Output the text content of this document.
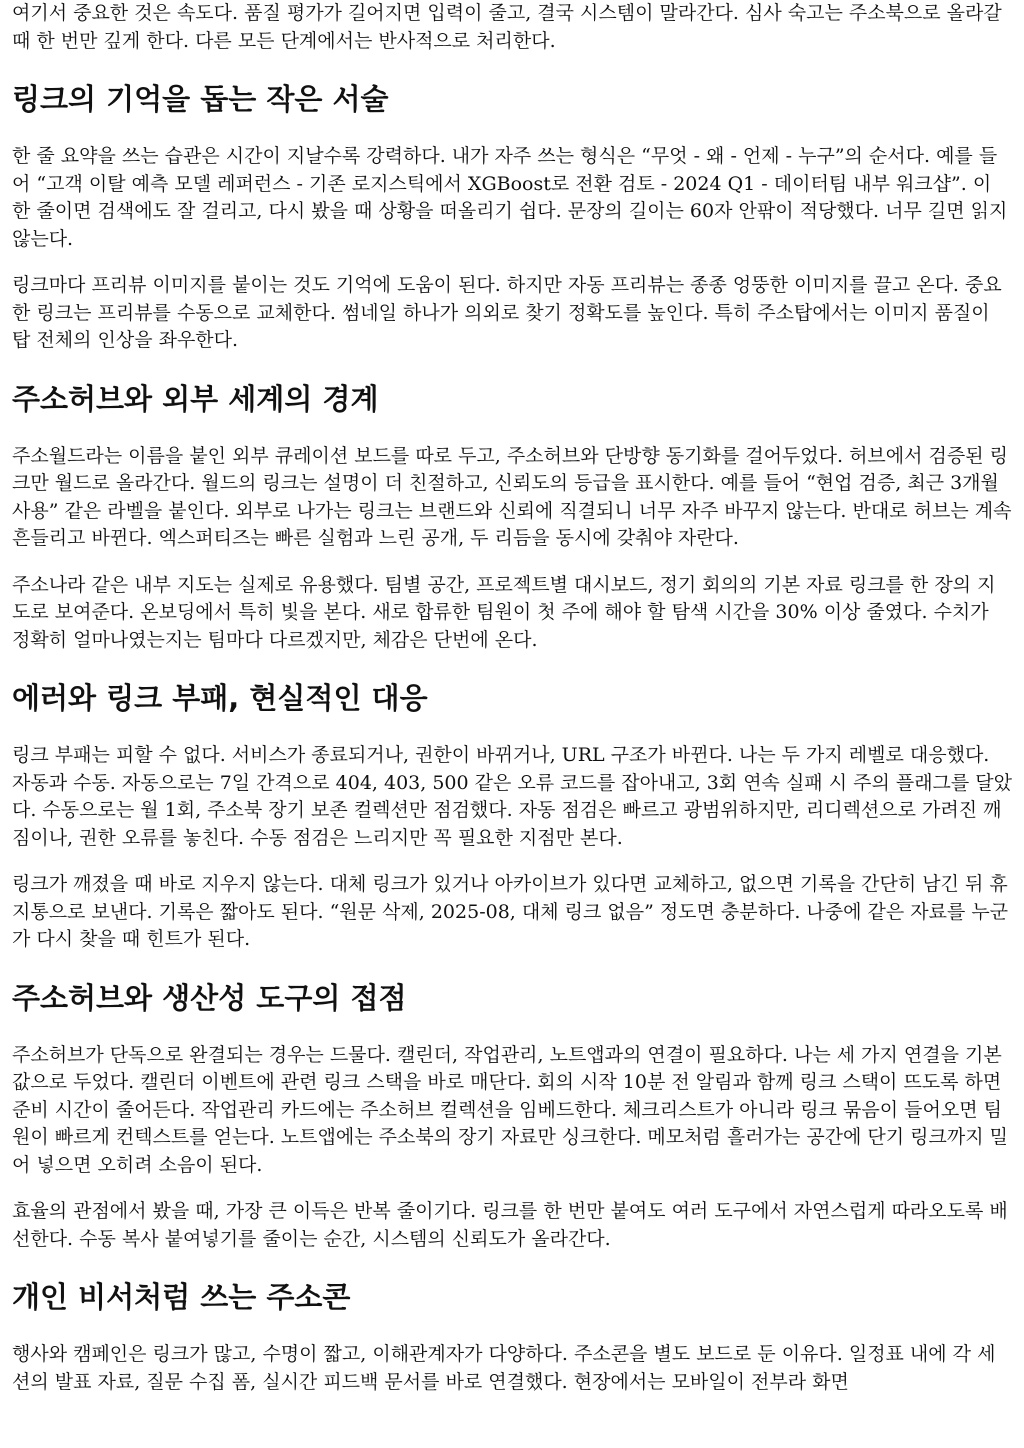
여기서 중요한 것은 속도다. 품질 평가가 길어지면 입력이 줄고, 결국 시스템이 말라간다. 심사 숙고는 주소북으로 올라갈 때 한 번만 깊게 한다. 다른 모든 단계에서는 반사적으로 처리한다.

링크의 기억을 돕는 작은 서술

한 줄 요약을 쓰는 습관은 시간이 지날수록 강력하다. 내가 자주 쓰는 형식은 “무엇 - 왜 - 언제 - 누구”의 순서다. 예를 들어 “고객 이탈 예측 모델 레퍼런스 - 기존 로지스틱에서 XGBoost로 전환 검토 - 2024 Q1 - 데이터팀 내부 워크샵”. 이 한 줄이면 검색에도 잘 걸리고, 다시 봤을 때 상황을 떠올리기 쉽다. 문장의 길이는 60자 안팎이 적당했다. 너무 길면 읽지 않는다.

링크마다 프리뷰 이미지를 붙이는 것도 기억에 도움이 된다. 하지만 자동 프리뷰는 종종 엉뚱한 이미지를 끌고 온다. 중요한 링크는 프리뷰를 수동으로 교체한다. 썸네일 하나가 의외로 찾기 정확도를 높인다. 특히 주소탑에서는 이미지 품질이 탑 전체의 인상을 좌우한다.

주소허브와 외부 세계의 경계

주소월드라는 이름을 붙인 외부 큐레이션 보드를 따로 두고, 주소허브와 단방향 동기화를 걸어두었다. 허브에서 검증된 링크만 월드로 올라간다. 월드의 링크는 설명이 더 친절하고, 신뢰도의 등급을 표시한다. 예를 들어 “현업 검증, 최근 3개월 사용” 같은 라벨을 붙인다. 외부로 나가는 링크는 브랜드와 신뢰에 직결되니 너무 자주 바꾸지 않는다. 반대로 허브는 계속 흔들리고 바뀐다. 엑스퍼티즈는 빠른 실험과 느린 공개, 두 리듬을 동시에 갖춰야 자란다.

주소나라 같은 내부 지도는 실제로 유용했다. 팀별 공간, 프로젝트별 대시보드, 정기 회의의 기본 자료 링크를 한 장의 지도로 보여준다. 온보딩에서 특히 빛을 본다. 새로 합류한 팀원이 첫 주에 해야 할 탐색 시간을 30% 이상 줄였다. 수치가 정확히 얼마나였는지는 팀마다 다르겠지만, 체감은 단번에 온다.

에러와 링크 부패, 현실적인 대응

링크 부패는 피할 수 없다. 서비스가 종료되거나, 권한이 바뀌거나, URL 구조가 바뀐다. 나는 두 가지 레벨로 대응했다. 자동과 수동. 자동으로는 7일 간격으로 404, 403, 500 같은 오류 코드를 잡아내고, 3회 연속 실패 시 주의 플래그를 달았다. 수동으로는 월 1회, 주소북 장기 보존 컬렉션만 점검했다. 자동 점검은 빠르고 광범위하지만, 리디렉션으로 가려진 깨짐이나, 권한 오류를 놓친다. 수동 점검은 느리지만 꼭 필요한 지점만 본다.

링크가 깨졌을 때 바로 지우지 않는다. 대체 링크가 있거나 아카이브가 있다면 교체하고, 없으면 기록을 간단히 남긴 뒤 휴지통으로 보낸다. 기록은 짧아도 된다. “원문 삭제, 2025-08, 대체 링크 없음” 정도면 충분하다. 나중에 같은 자료를 누군가 다시 찾을 때 힌트가 된다.

주소허브와 생산성 도구의 접점

주소허브가 단독으로 완결되는 경우는 드물다. 캘린더, 작업관리, 노트앱과의 연결이 필요하다. 나는 세 가지 연결을 기본값으로 두었다. 캘린더 이벤트에 관련 링크 스택을 바로 매단다. 회의 시작 10분 전 알림과 함께 링크 스택이 뜨도록 하면 준비 시간이 줄어든다. 작업관리 카드에는 주소허브 컬렉션을 임베드한다. 체크리스트가 아니라 링크 묶음이 들어오면 팀원이 빠르게 컨텍스트를 얻는다. 노트앱에는 주소북의 장기 자료만 싱크한다. 메모처럼 흘러가는 공간에 단기 링크까지 밀어 넣으면 오히려 소음이 된다.

효율의 관점에서 봤을 때, 가장 큰 이득은 반복 줄이기다. 링크를 한 번만 붙여도 여러 도구에서 자연스럽게 따라오도록 배선한다. 수동 복사 붙여넣기를 줄이는 순간, 시스템의 신뢰도가 올라간다.

개인 비서처럼 쓰는 주소콘

행사와 캠페인은 링크가 많고, 수명이 짧고, 이해관계자가 다양하다. 주소콘을 별도 보드로 둔 이유다. 일정표 내에 각 세션의 발표 자료, 질문 수집 폼, 실시간 피드백 문서를 바로 연결했다. 현장에서는 모바일이 전부라 화면
